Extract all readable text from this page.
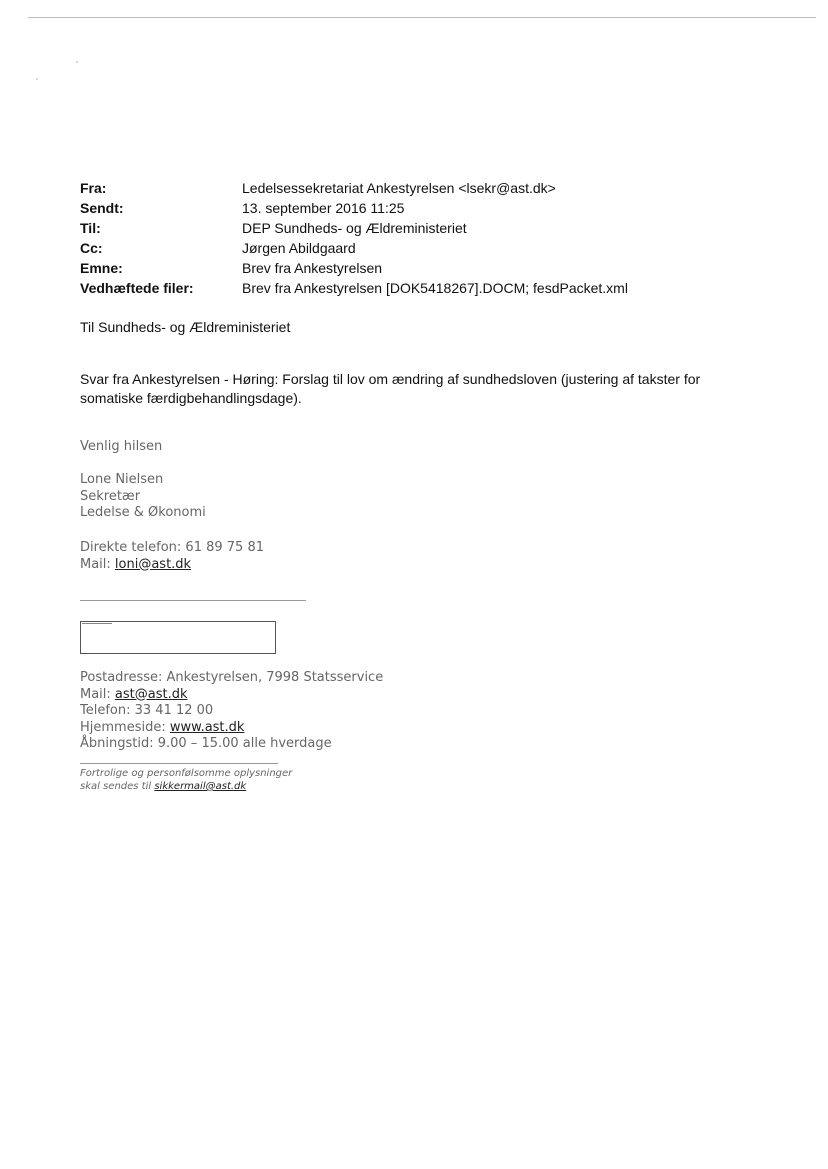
Fra:	Ledelsessekretariat Ankestyrelsen <lsekr@ast.dk>
Sendt:	13. september 2016 11:25
Til:	DEP Sundheds- og Ældreministeriet
Cc:	Jørgen Abildgaard
Emne:	Brev fra Ankestyrelsen
Vedhæftede filer:	Brev fra Ankestyrelsen [DOK5418267].DOCM; fesdPacket.xml
Til Sundheds- og Ældreministeriet
Svar fra Ankestyrelsen - Høring: Forslag til lov om ændring af sundhedsloven (justering af takster for somatiske færdigbehandlingsdage).
Venlig hilsen
Lone Nielsen
Sekretær
Ledelse & Økonomi
Direkte telefon: 61 89 75 81
Mail: loni@ast.dk
Postadresse: Ankestyrelsen, 7998 Statsservice
Mail: ast@ast.dk
Telefon: 33 41 12 00
Hjemmeside: www.ast.dk
Åbningstid: 9.00 – 15.00 alle hverdage
Fortrolige og personfølsomme oplysninger
skal sendes til sikkermail@ast.dk
